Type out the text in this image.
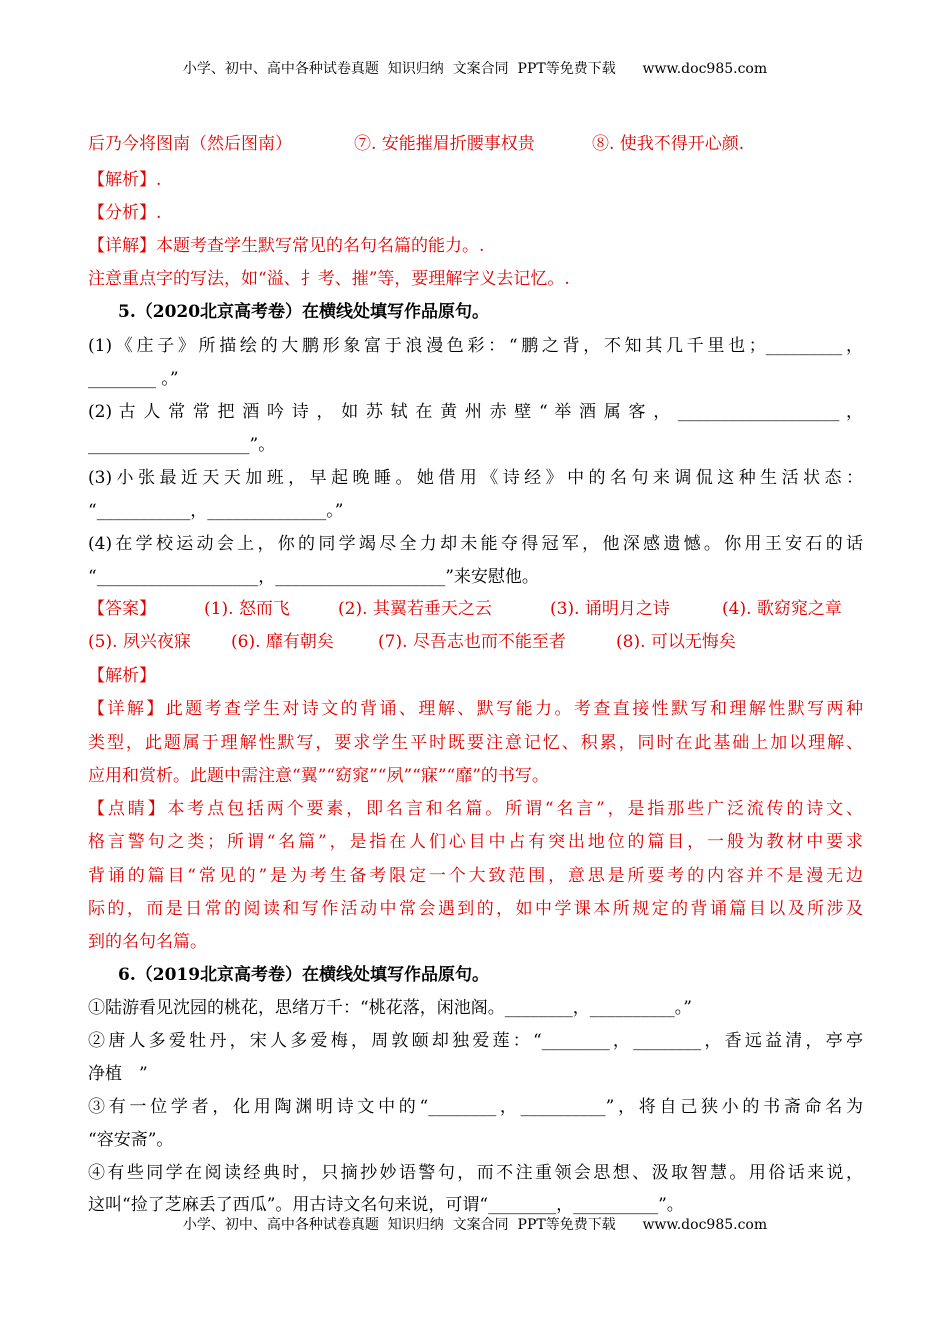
小学、初中、高中各种试卷真题  知识归纳  文案合同  PPT等免费下载      www.doc985.com
后乃今将图南（然后图南）	⑦. 安能摧眉折腰事权贵	⑧. 使我不得开心颜.
【解析】.
【分析】.
【详解】本题考查学生默写常见的名句名篇的能力。.
注意重点字的写法，如“溢、扌考、摧”等，要理解字义去记忆。.
5.（2020北京高考卷）在横线处填写作品原句。
(1)《庄子》所描绘的大鹏形象富于浪漫色彩：“鹏之背，不知其几千里也；_________，
________ 。”
(2) 古 人 常 常 把 酒 吟 诗 ， 如 苏 轼 在 黄 州 赤 壁 “ 举 酒 属 客 ， ___________________ ，
___________________”。
(3)小张最近天天加班，早起晚睡。她借用《诗经》中的名句来调侃这种生活状态：
“___________，______________。”
(4)在学校运动会上，你的同学竭尽全力却未能夺得冠军，他深感遗憾。你用王安石的话
“___________________，____________________”来安慰他。
【答案】	(1). 怒而飞	(2). 其翼若垂天之云	(3). 诵明月之诗	(4). 歌窈窕之章
(5). 夙兴夜寐 (6). 靡有朝矣	(7). 尽吾志也而不能至者	(8). 可以无悔矣
【解析】
【详解】此题考查学生对诗文的背诵、理解、默写能力。考查直接性默写和理解性默写两种
类型，此题属于理解性默写，要求学生平时既要注意记忆、积累，同时在此基础上加以理解、
应用和赏析。此题中需注意“翼”“窈窕”“夙”“寐”“靡”的书写。
【点睛】本考点包括两个要素，即名言和名篇。所谓“名言”，是指那些广泛流传的诗文、
格言警句之类；所谓“名篇”，是指在人们心目中占有突出地位的篇目，一般为教材中要求
背诵的篇目“常见的”是为考生备考限定一个大致范围，意思是所要考的内容并不是漫无边
际的，而是日常的阅读和写作活动中常会遇到的，如中学课本所规定的背诵篇目以及所涉及
到的名句名篇。
6.（2019北京高考卷）在横线处填写作品原句。
①陆游看见沈园的桃花，思绪万千：“桃花落，闲池阁。________，__________。”
②唐人多爱牡丹，宋人多爱梅，周敦颐却独爱莲：“________，________，香远益清，亭亭
净植　”
③有一位学者，化用陶渊明诗文中的“________，__________”，将自己狭小的书斋命名为
“容安斋”。
④有些同学在阅读经典时，只摘抄妙语警句，而不注重领会思想、汲取智慧。用俗话来说，
这叫“捡了芝麻丢了西瓜”。用古诗文名句来说，可谓“________，__________”。
小学、初中、高中各种试卷真题  知识归纳  文案合同  PPT等免费下载      www.doc985.com
